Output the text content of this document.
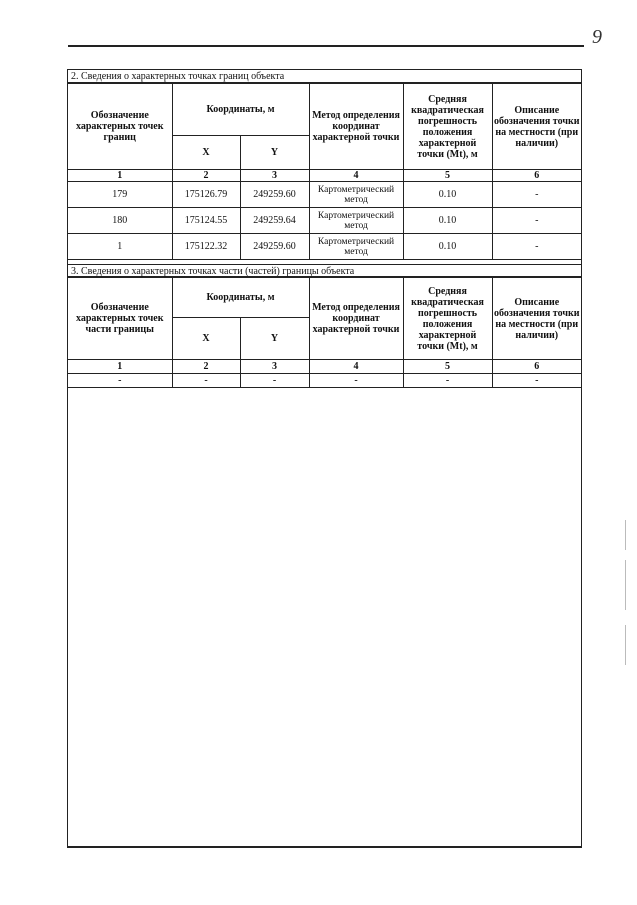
9
2. Сведения о характерных точках границ объекта
Обозначение характерных точек границ	Координаты, м		Метод определения координат характерной точки	Средняя квадратическая погрешность положения характерной точки (Mt), м	Описание обозначения точки на местности (при наличии)
	X	Y			
1	2	3	4	5	6
179	175126.79	249259.60	Картометрический метод	0.10	-
180	175124.55	249259.64	Картометрический метод	0.10	-
1	175122.32	249259.60	Картометрический метод	0.10	-
3. Сведения о характерных точках части (частей) границы объекта
Обозначение характерных точек части границы	Координаты, м		Метод определения координат характерной точки	Средняя квадратическая погрешность положения характерной точки (Mt), м	Описание обозначения точки на местности (при наличии)
	X	Y			
1	2	3	4	5	6
-	-	-	-	-	-
